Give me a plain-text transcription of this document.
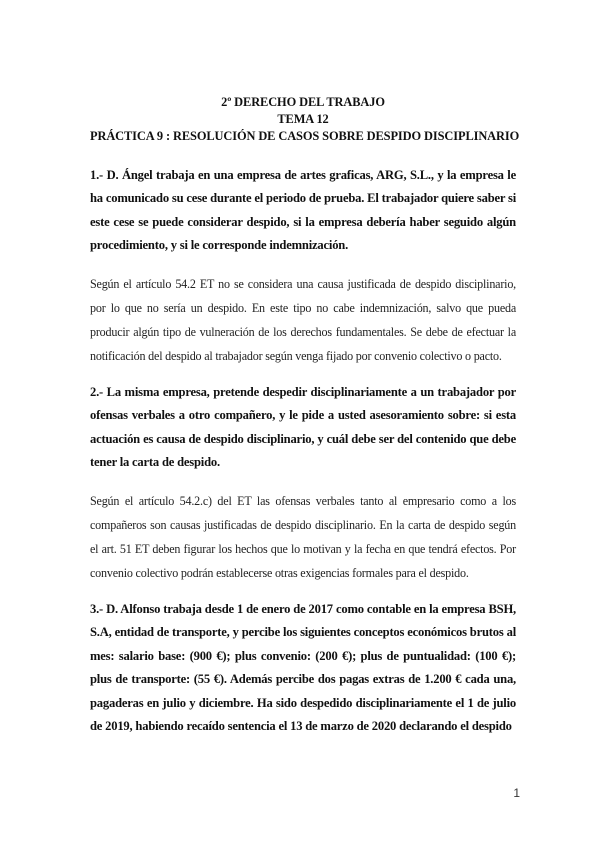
2º DERECHO DEL TRABAJO

TEMA 12

PRÁCTICA 9 : RESOLUCIÓN DE CASOS SOBRE DESPIDO DISCIPLINARIO

1.- D. Ángel trabaja en una empresa de artes graficas, ARG, S.L., y la empresa le ha comunicado su cese durante el periodo de prueba. El trabajador quiere saber si este cese se puede considerar despido, si la empresa debería haber seguido algún procedimiento, y si le corresponde indemnización.

Según el artículo 54.2 ET no se considera una causa justificada de despido disciplinario, por lo que no sería un despido. En este tipo no cabe indemnización, salvo que pueda producir algún tipo de vulneración de los derechos fundamentales. Se debe de efectuar la notificación del despido al trabajador según venga fijado por convenio colectivo o pacto.

2.- La misma empresa, pretende despedir disciplinariamente a un trabajador por ofensas verbales a otro compañero, y le pide a usted asesoramiento sobre: si esta actuación es causa de despido disciplinario, y cuál debe ser del contenido que debe tener la carta de despido.

Según el artículo 54.2.c) del ET las ofensas verbales tanto al empresario como a los compañeros son causas justificadas de despido disciplinario. En la carta de despido según el art. 51 ET deben figurar los hechos que lo motivan y la fecha en que tendrá efectos. Por convenio colectivo podrán establecerse otras exigencias formales para el despido.

3.- D. Alfonso trabaja desde 1 de enero de 2017 como contable en la empresa BSH, S.A, entidad de transporte, y percibe los siguientes conceptos económicos brutos al mes: salario base: (900 €); plus convenio: (200 €); plus de puntualidad: (100 €); plus de transporte: (55 €). Además percibe dos pagas extras de 1.200 € cada una, pagaderas en julio y diciembre. Ha sido despedido disciplinariamente el 1 de julio de 2019, habiendo recaído sentencia el 13 de marzo de 2020 declarando el despido

1
